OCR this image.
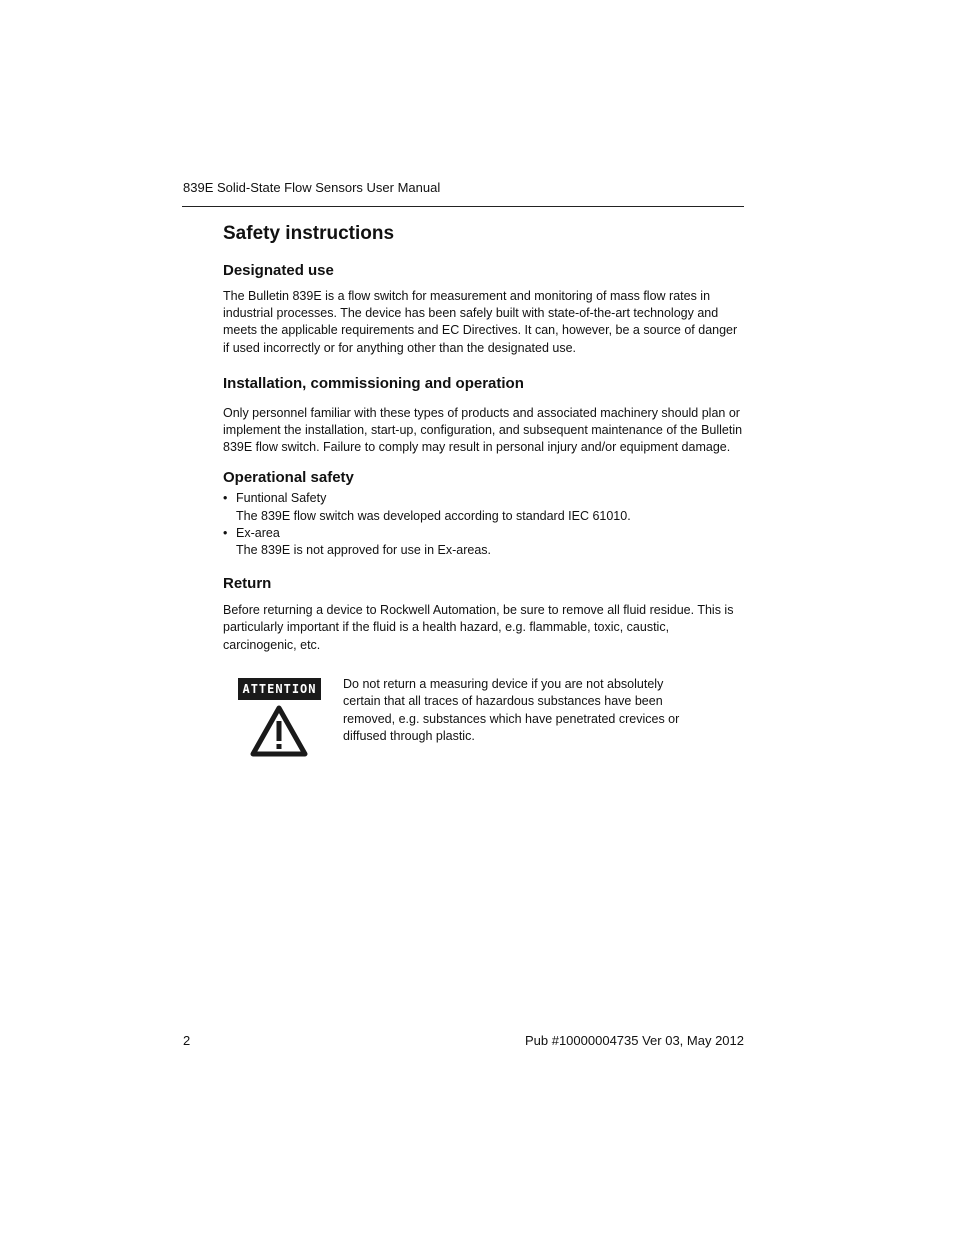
839E Solid-State Flow Sensors User Manual
Safety instructions
Designated use

The Bulletin 839E is a flow switch for measurement and monitoring of mass flow rates in industrial processes. The device has been safely built with state-of-the-art technology and meets the applicable requirements and EC Directives. It can, however, be a source of danger if used incorrectly or for anything other than the designated use.

Installation, commissioning and operation

Only personnel familiar with these types of products and associated machinery should plan or implement the installation, start-up, configuration, and subsequent maintenance of the Bulletin 839E flow switch. Failure to comply may result in personal injury and/or equipment damage.

Operational safety
• Funtional Safety
The 839E flow switch was developed according to standard IEC 61010.
• Ex-area
The 839E is not approved for use in Ex-areas.
Return

Before returning a device to Rockwell Automation, be sure to remove all fluid residue. This is particularly important if the fluid is a health hazard, e.g. flammable, toxic, caustic, carcinogenic, etc.

ATTENTION	Do not return a measuring device if you are not absolutely certain that all traces of hazardous substances have been removed, e.g. substances which have penetrated crevices or diffused through plastic.

2	Pub #10000004735 Ver 03, May 2012
